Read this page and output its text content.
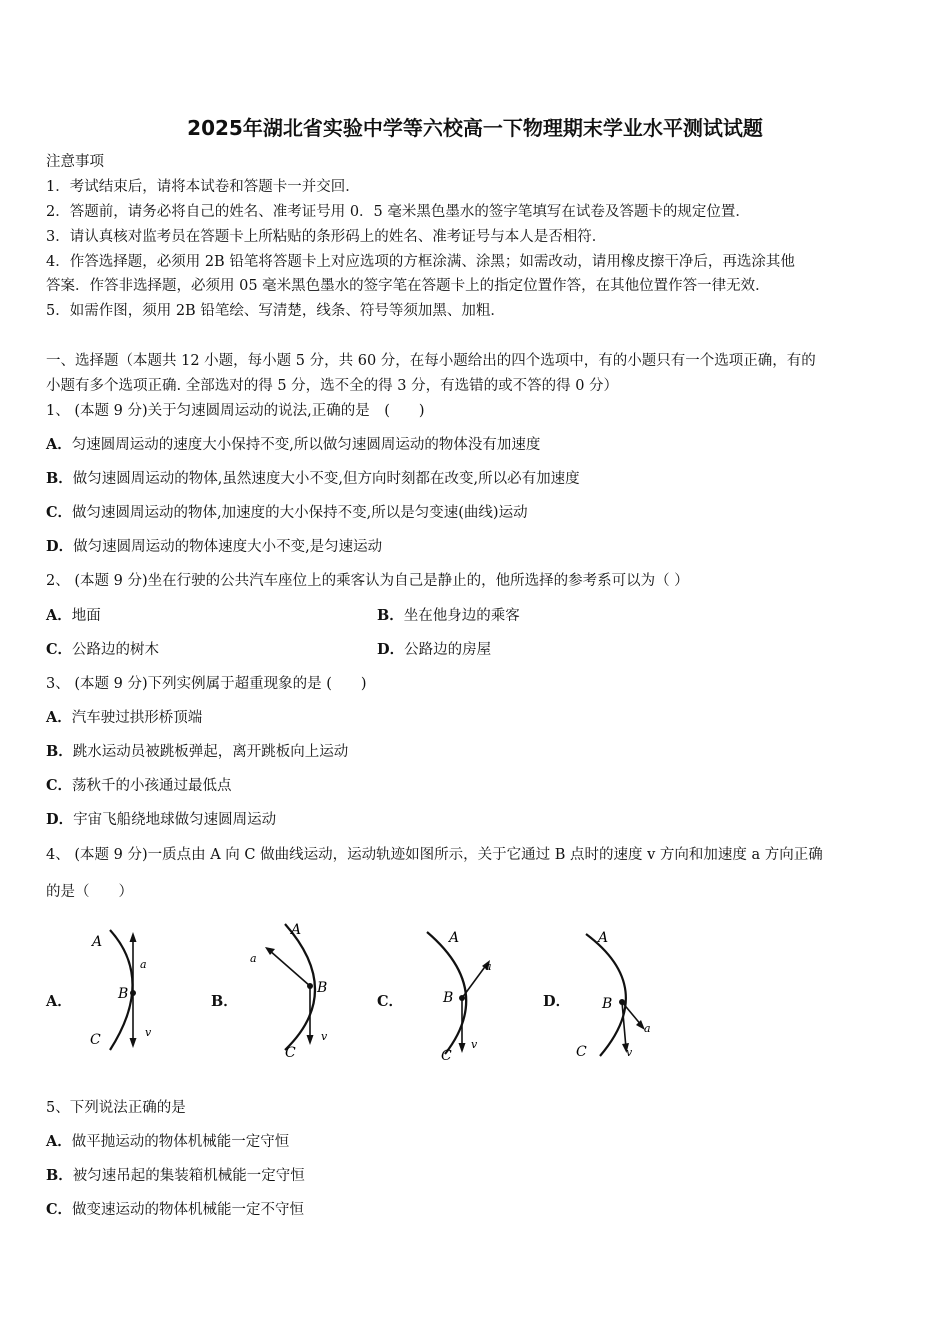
2025年湖北省实验中学等六校高一下物理期末学业水平测试试题
注意事项
1．考试结束后，请将本试卷和答题卡一并交回．
2．答题前，请务必将自己的姓名、准考证号用 0．5 毫米黑色墨水的签字笔填写在试卷及答题卡的规定位置．
3．请认真核对监考员在答题卡上所粘贴的条形码上的姓名、准考证号与本人是否相符．
4．作答选择题，必须用 2B 铅笔将答题卡上对应选项的方框涂满、涂黑；如需改动，请用橡皮擦干净后，再选涂其他
答案．作答非选择题，必须用 05 毫米黑色墨水的签字笔在答题卡上的指定位置作答，在其他位置作答一律无效．
5．如需作图，须用 2B 铅笔绘、写清楚，线条、符号等须加黑、加粗．
一、选择题（本题共 12 小题，每小题 5 分，共 60 分，在每小题给出的四个选项中，有的小题只有一个选项正确，有的
小题有多个选项正确. 全部选对的得 5 分，选不全的得 3 分，有选错的或不答的得 0 分）
1、 (本题 9 分)关于匀速圆周运动的说法,正确的是　(　　)
A．匀速圆周运动的速度大小保持不变,所以做匀速圆周运动的物体没有加速度
B．做匀速圆周运动的物体,虽然速度大小不变,但方向时刻都在改变,所以必有加速度
C．做匀速圆周运动的物体,加速度的大小保持不变,所以是匀变速(曲线)运动
D．做匀速圆周运动的物体速度大小不变,是匀速运动
2、 (本题 9 分)坐在行驶的公共汽车座位上的乘客认为自己是静止的，他所选择的参考系可以为（ ）
A．地面	B．坐在他身边的乘客
C．公路边的树木	D．公路边的房屋
3、 (本题 9 分)下列实例属于超重现象的是 (　　)
A．汽车驶过拱形桥顶端
B．跳水运动员被跳板弹起，离开跳板向上运动
C．荡秋千的小孩通过最低点
D．宇宙飞船绕地球做匀速圆周运动
4、 (本题 9 分)一质点由 A 向 C 做曲线运动，运动轨迹如图所示，关于它通过 B 点时的速度 v 方向和加速度 a 方向正确
的是（　　）
A．
A
B
C
a
v
B．
A
B
C
a
v
C．
A
B
C
a
v
D．
A
B
C
a
v
5、下列说法正确的是
A．做平抛运动的物体机械能一定守恒
B．被匀速吊起的集装箱机械能一定守恒
C．做变速运动的物体机械能一定不守恒
